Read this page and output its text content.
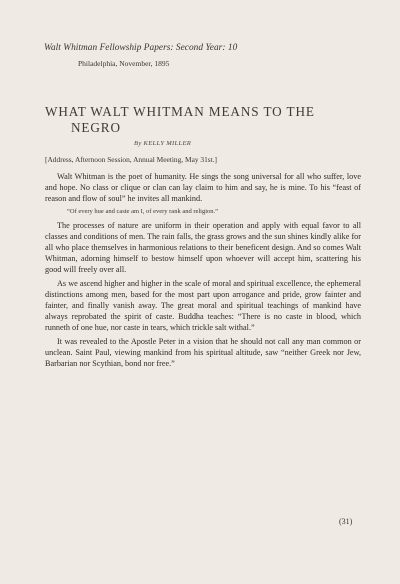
Walt Whitman Fellowship Papers: Second Year: 10
Philadelphia, November, 1895
WHAT WALT WHITMAN MEANS TO THE
NEGRO
By KELLY MILLER
[Address, Afternoon Session, Annual Meeting, May 31st.]

Walt Whitman is the poet of humanity. He sings the song universal for all who suffer, love and hope. No class or clique or clan can lay claim to him and say, he is mine. To his “feast of reason and flow of soul” he invites all mankind.

“Of every hue and caste am I, of every rank and religion.”

The processes of nature are uniform in their operation and apply with equal favor to all classes and conditions of men. The rain falls, the grass grows and the sun shines kindly alike for all who place themselves in harmonious relations to their beneficent design. And so comes Walt Whitman, adorning himself to bestow himself upon whoever will accept him, scattering his good will freely over all.

As we ascend higher and higher in the scale of moral and spiritual excellence, the ephemeral distinctions among men, based for the most part upon arrogance and pride, grow fainter and fainter, and finally vanish away. The great moral and spiritual teachings of mankind have always reprobated the spirit of caste. Buddha teaches: “There is no caste in blood, which runneth of one hue, nor caste in tears, which trickle salt withal.”

It was revealed to the Apostle Peter in a vision that he should not call any man common or unclean. Saint Paul, viewing mankind from his spiritual altitude, saw “neither Greek nor Jew, Barbarian nor Scythian, bond nor free.”

(31)
